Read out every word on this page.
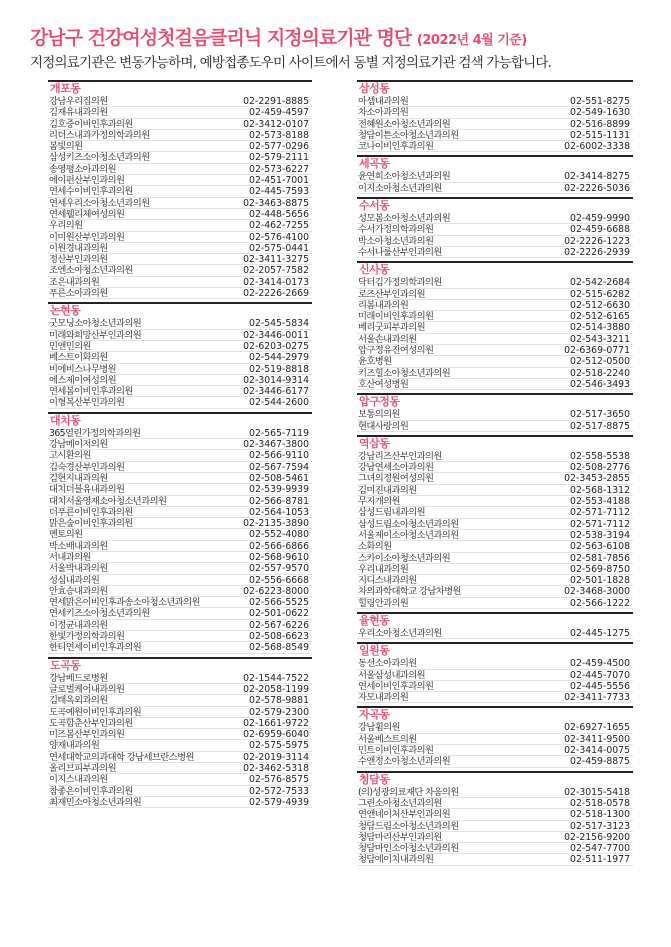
강남구 건강여성첫걸음클리닉 지정의료기관 명단 (2022년 4월 기준)
지정의료기관은 변동가능하며, 예방접종도우미 사이트에서 동별 지정의료기관 검색 가능합니다.
개포동
강남우리집의원	02-2291-8885
김재유내과의원	02-459-4597
김호중이비인후과의원	02-3412-0107
리더스내과가정의학과의원	02-573-8188
봄빛의원	02-577-0296
삼성키즈소아청소년과의원	02-579-2111
송영평소아과의원	02-573-6227
에이펀산부인과의원	02-451-7001
연세수이비인후과의원	02-445-7593
연세우리소아청소년과의원	02-3463-8875
연세웰리체여성의원	02-448-5656
우리의원	02-462-7255
이미원산부인과의원	02-576-4100
이원경내과의원	02-575-0441
정산부인과의원	02-3411-3275
조엔소아청소년과의원	02-2057-7582
조은내과의원	02-3414-0173
푸른소아과의원	02-2226-2669
논현동
굿모닝소아청소년과의원	02-545-5834
미래와희망산부인과의원	02-3446-0011
민앤민의원	02-6203-0275
베스트이화의원	02-544-2979
비에비스나무병원	02-519-8818
에스제이여성의원	02-3014-9314
연세봄이비인후과의원	02-3446-6177
이형복산부인과의원	02-544-2600
대치동
365열린가정의학과의원	02-565-7119
강남메이저의원	02-3467-3800
고시환의원	02-566-9110
김숙경산부인과의원	02-567-7594
김현지내과의원	02-508-5461
대치더블유내과의원	02-539-9939
대치서울영재소아청소년과의원	02-566-8781
더푸른이비인후과의원	02-564-1053
맑은숲이비인후과의원	02-2135-3890
멘토의원	02-552-4080
박소배내과의원	02-566-6866
서내과의원	02-568-9610
서울박내과의원	02-557-9570
성심내과의원	02-556-6668
안효승내과의원	02-6223-8000
연세맑은이비인후과송소아청소년과의원	02-566-5525
연세키즈소아청소년과의원	02-501-0622
이정균내과의원	02-567-6226
한빛가정의학과의원	02-508-6623
한티연세이비인후과의원	02-568-8549
도곡동
강남베드로병원	02-1544-7522
글로벌케어내과의원	02-2058-1199
김태옥외과의원	02-578-9881
도곡예원이비인후과의원	02-579-2300
도곡함춘산부인과의원	02-1661-9722
미즈봄산부인과의원	02-6959-6040
양재내과의원	02-575-5975
연세대학교의과대학 강남세브란스병원	02-2019-3114
올리브피부과의원	02-3462-5318
이지스내과의원	02-576-8575
참좋은이비인후과의원	02-572-7533
최재민소아청소년과의원	02-579-4939
삼성동
아셈내과의원	02-551-8275
차소아과의원	02-549-1630
전혜원소아청소년과의원	02-516-8899
청담이튼소아청소년과의원	02-515-1131
코나이비인후과의원	02-6002-3338
세곡동
윤연희소아청소년과의원	02-3414-8275
이지소아청소년과의원	02-2226-5036
수서동
성모봄소아청소년과의원	02-459-9990
수서가정의학과의원	02-459-6688
박소아청소년과의원	02-2226-1223
수서나룰산부인과의원	02-2226-2939
신사동
닥터김가정의학과의원	02-542-2684
로즈산부인과의원	02-515-6282
리봄내과의원	02-512-6630
미래이비인후과의원	02-512-6165
베리굿피부과의원	02-514-3880
서울손내과의원	02-543-3211
압구정유진여성의원	02-6369-0771
윤호병원	02-512-0500
키즈힐소아청소년과의원	02-518-2240
호산여성병원	02-546-3493
압구정동
보통의의원	02-517-3650
현대사랑의원	02-517-8875
역삼동
강남리즈산부인과의원	02-558-5538
강남연세소아과의원	02-508-2776
그녀의정원여성의원	02-3453-2855
김미진내과의원	02-568-1312
무지개의원	02-553-4188
삼성드림내과의원	02-571-7112
삼성드림소아청소년과의원	02-571-7112
서울제이소아청소년과의원	02-538-3194
소화의원	02-563-6108
스카이소아청소년과의원	02-581-7856
우리내과의원	02-569-8750
지디스내과의원	02-501-1828
차의과학대학교 강남차병원	02-3468-3000
힐링안과의원	02-566-1222
율현동
우리소아청소년과의원	02-445-1275
일원동
동선소아과의원	02-459-4500
서울삼성내과의원	02-445-7070
연세이비인후과의원	02-445-5556
자모내과의원	02-3411-7733
자곡동
강남휨의원	02-6927-1655
서울베스트의원	02-3411-9500
민트이비인후과의원	02-3414-0075
수앤정소아청소년과의원	02-459-8875
청담동
(의)성광의료재단 차움의원	02-3015-5418
그린소아청소년과의원	02-518-0578
연앤네이처산부인과의원	02-518-1300
청담드림소아청소년과의원	02-517-3123
청담마리산부인과의원	02-2156-9200
청담마인소아청소년과의원	02-547-7700
청담에이치내과의원	02-511-1977
